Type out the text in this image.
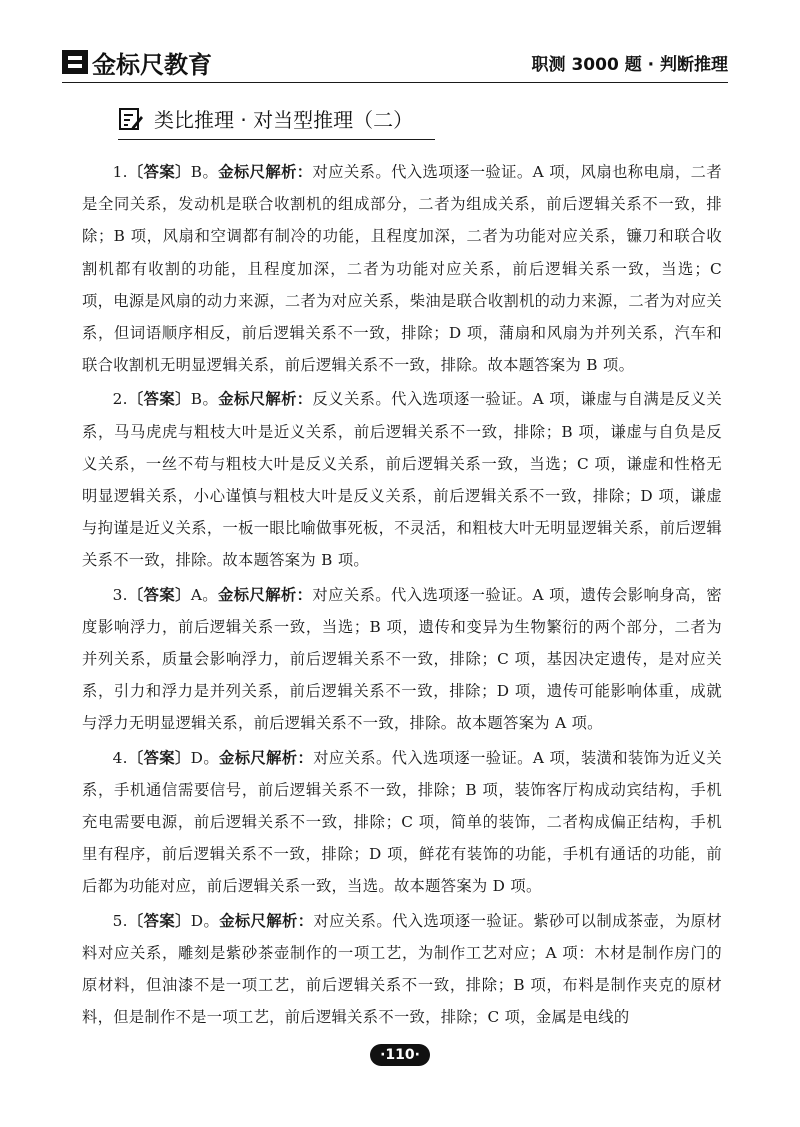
金标尺教育	职测 3000 题 · 判断推理
类比推理 · 对当型推理（二）

1.〔答案〕B。金标尺解析：对应关系。代入选项逐一验证。A 项，风扇也称电扇，二者是全同关系，发动机是联合收割机的组成部分，二者为组成关系，前后逻辑关系不一致，排除；B 项，风扇和空调都有制冷的功能，且程度加深，二者为功能对应关系，镰刀和联合收割机都有收割的功能，且程度加深，二者为功能对应关系，前后逻辑关系一致，当选；C 项，电源是风扇的动力来源，二者为对应关系，柴油是联合收割机的动力来源，二者为对应关系，但词语顺序相反，前后逻辑关系不一致，排除；D 项，蒲扇和风扇为并列关系，汽车和联合收割机无明显逻辑关系，前后逻辑关系不一致，排除。故本题答案为 B 项。

2.〔答案〕B。金标尺解析：反义关系。代入选项逐一验证。A 项，谦虚与自满是反义关系，马马虎虎与粗枝大叶是近义关系，前后逻辑关系不一致，排除；B 项，谦虚与自负是反义关系，一丝不苟与粗枝大叶是反义关系，前后逻辑关系一致，当选；C 项，谦虚和性格无明显逻辑关系，小心谨慎与粗枝大叶是反义关系，前后逻辑关系不一致，排除；D 项，谦虚与拘谨是近义关系，一板一眼比喻做事死板，不灵活，和粗枝大叶无明显逻辑关系，前后逻辑关系不一致，排除。故本题答案为 B 项。

3.〔答案〕A。金标尺解析：对应关系。代入选项逐一验证。A 项，遗传会影响身高，密度影响浮力，前后逻辑关系一致，当选；B 项，遗传和变异为生物繁衍的两个部分，二者为并列关系，质量会影响浮力，前后逻辑关系不一致，排除；C 项，基因决定遗传，是对应关系，引力和浮力是并列关系，前后逻辑关系不一致，排除；D 项，遗传可能影响体重，成就与浮力无明显逻辑关系，前后逻辑关系不一致，排除。故本题答案为 A 项。

4.〔答案〕D。金标尺解析：对应关系。代入选项逐一验证。A 项，装潢和装饰为近义关系，手机通信需要信号，前后逻辑关系不一致，排除；B 项，装饰客厅构成动宾结构，手机充电需要电源，前后逻辑关系不一致，排除；C 项，简单的装饰，二者构成偏正结构，手机里有程序，前后逻辑关系不一致，排除；D 项，鲜花有装饰的功能，手机有通话的功能，前后都为功能对应，前后逻辑关系一致，当选。故本题答案为 D 项。

5.〔答案〕D。金标尺解析：对应关系。代入选项逐一验证。紫砂可以制成茶壶，为原材料对应关系，雕刻是紫砂茶壶制作的一项工艺，为制作工艺对应；A 项：木材是制作房门的原材料，但油漆不是一项工艺，前后逻辑关系不一致，排除；B 项，布料是制作夹克的原材料，但是制作不是一项工艺，前后逻辑关系不一致，排除；C 项，金属是电线的

·110·
